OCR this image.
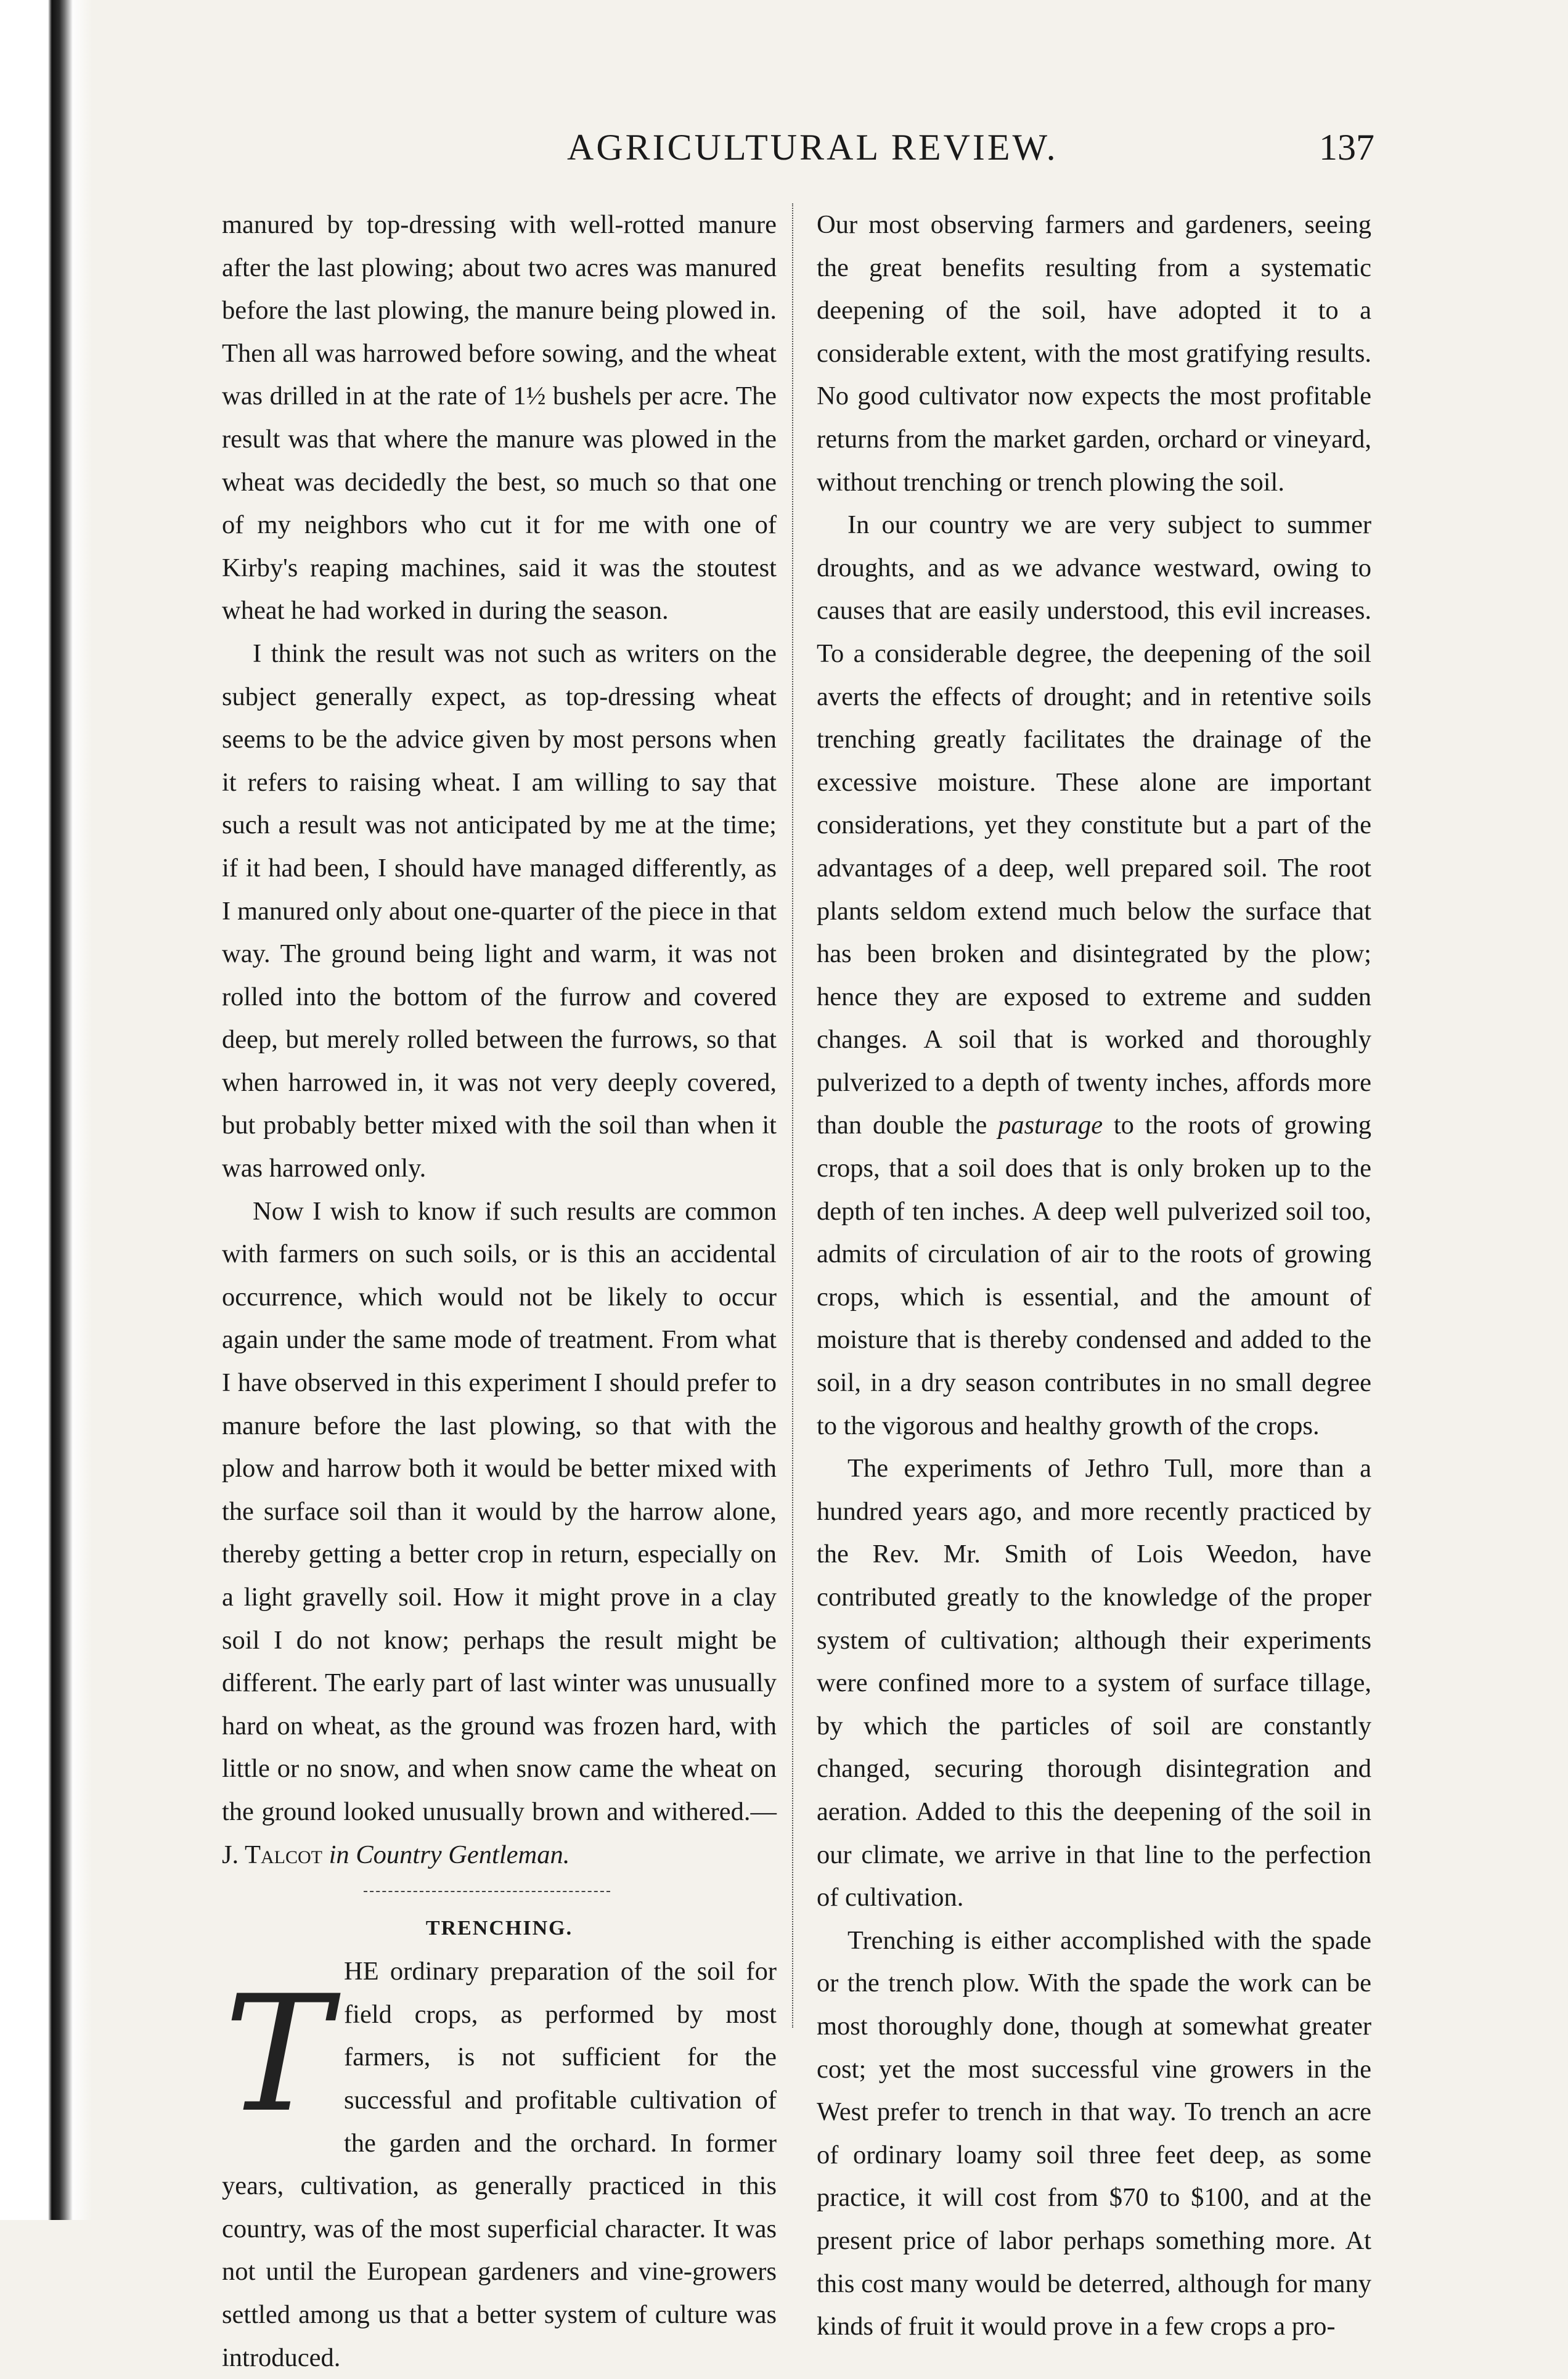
AGRICULTURAL REVIEW.	137

manured by top-dressing with well-rotted manure after the last plowing; about two acres was manured before the last plowing, the manure being plowed in. Then all was harrowed before sowing, and the wheat was drilled in at the rate of 1½ bushels per acre. The result was that where the manure was plowed in the wheat was decidedly the best, so much so that one of my neighbors who cut it for me with one of Kirby's reaping machines, said it was the stoutest wheat he had worked in during the season.

I think the result was not such as writers on the subject generally expect, as top-dressing wheat seems to be the advice given by most persons when it refers to raising wheat. I am willing to say that such a result was not anticipated by me at the time; if it had been, I should have managed differently, as I manured only about one-quarter of the piece in that way. The ground being light and warm, it was not rolled into the bottom of the furrow and covered deep, but merely rolled between the furrows, so that when harrowed in, it was not very deeply covered, but probably better mixed with the soil than when it was harrowed only.

Now I wish to know if such results are common with farmers on such soils, or is this an accidental occurrence, which would not be likely to occur again under the same mode of treatment. From what I have observed in this experiment I should prefer to manure before the last plowing, so that with the plow and harrow both it would be better mixed with the surface soil than it would by the harrow alone, thereby getting a better crop in return, especially on a light gravelly soil. How it might prove in a clay soil I do not know; perhaps the result might be different. The early part of last winter was unusually hard on wheat, as the ground was frozen hard, with little or no snow, and when snow came the wheat on the ground looked unusually brown and withered.—J. Talcot in Country Gentleman.

TRENCHING.
T HE ordinary preparation of the soil for field crops, as performed by most farmers, is not sufficient for the successful and profitable cultivation of the garden and the orchard. In former years, cultivation, as generally practiced in this country, was of the most superficial character. It was not until the European gardeners and vine-growers settled among us that a better system of culture was introduced.

Our most observing farmers and gardeners, seeing the great benefits resulting from a systematic deepening of the soil, have adopted it to a considerable extent, with the most gratifying results. No good cultivator now expects the most profitable returns from the market garden, orchard or vineyard, without trenching or trench plowing the soil.

In our country we are very subject to summer droughts, and as we advance westward, owing to causes that are easily understood, this evil increases. To a considerable degree, the deepening of the soil averts the effects of drought; and in retentive soils trenching greatly facilitates the drainage of the excessive moisture. These alone are important considerations, yet they constitute but a part of the advantages of a deep, well prepared soil. The root plants seldom extend much below the surface that has been broken and disintegrated by the plow; hence they are exposed to extreme and sudden changes. A soil that is worked and thoroughly pulverized to a depth of twenty inches, affords more than double the pasturage to the roots of growing crops, that a soil does that is only broken up to the depth of ten inches. A deep well pulverized soil too, admits of circulation of air to the roots of growing crops, which is essential, and the amount of moisture that is thereby condensed and added to the soil, in a dry season contributes in no small degree to the vigorous and healthy growth of the crops.

The experiments of Jethro Tull, more than a hundred years ago, and more recently practiced by the Rev. Mr. Smith of Lois Weedon, have contributed greatly to the knowledge of the proper system of cultivation; although their experiments were confined more to a system of surface tillage, by which the particles of soil are constantly changed, securing thorough disintegration and aeration. Added to this the deepening of the soil in our climate, we arrive in that line to the perfection of cultivation.

Trenching is either accomplished with the spade or the trench plow. With the spade the work can be most thoroughly done, though at somewhat greater cost; yet the most successful vine growers in the West prefer to trench in that way. To trench an acre of ordinary loamy soil three feet deep, as some practice, it will cost from $70 to $100, and at the present price of labor perhaps something more. At this cost many would be deterred, although for many kinds of fruit it would prove in a few crops a pro-
